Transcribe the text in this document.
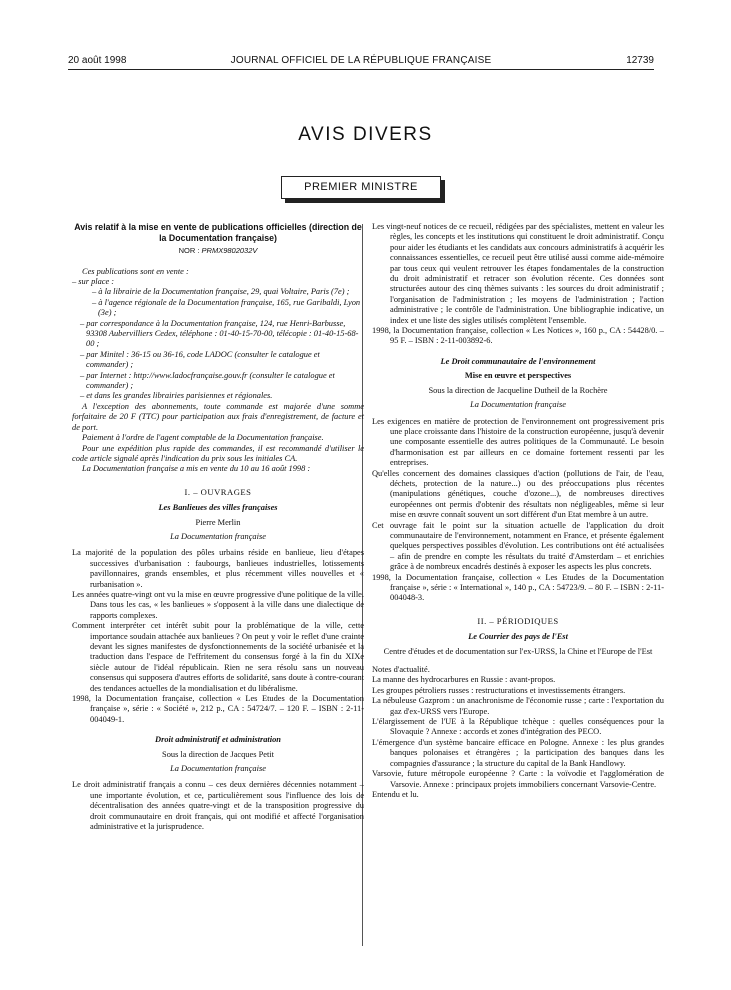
20 août 1998	JOURNAL OFFICIEL DE LA RÉPUBLIQUE FRANÇAISE	12739
AVIS DIVERS
PREMIER MINISTRE
Avis relatif à la mise en vente de publications officielles (direction de la Documentation française)
NOR : PRMX9802032V
Ces publications sont en vente :
– sur place :
– à la librairie de la Documentation française, 29, quai Voltaire, Paris (7e) ;
– à l'agence régionale de la Documentation française, 165, rue Garibaldi, Lyon (3e) ;
– par correspondance à la Documentation française, 124, rue Henri-Barbusse, 93308 Aubervilliers Cedex, téléphone : 01-40-15-70-00, télécopie : 01-40-15-68-00 ;
– par Minitel : 36-15 ou 36-16, code LADOC (consulter le catalogue et commander) ;
– par Internet : http://www.ladocfrançaise.gouv.fr (consulter le catalogue et commander) ;
– et dans les grandes librairies parisiennes et régionales.
A l'exception des abonnements, toute commande est majorée d'une somme forfaitaire de 20 F (TTC) pour participation aux frais d'enregistrement, de facture et de port.
Paiement à l'ordre de l'agent comptable de la Documentation française.
Pour une expédition plus rapide des commandes, il est recommandé d'utiliser le code article signalé après l'indication du prix sous les initiales CA.
La Documentation française a mis en vente du 10 au 16 août 1998 :
I. – OUVRAGES
Les Banlieues des villes françaises
Pierre Merlin
La Documentation française
La majorité de la population des pôles urbains réside en banlieue, lieu d'étapes successives d'urbanisation : faubourgs, banlieues industrielles, lotissements pavillonnaires, grands ensembles, et plus récemment villes nouvelles et « rurbanisation ».
Les années quatre-vingt ont vu la mise en œuvre progressive d'une politique de la ville. Dans tous les cas, « les banlieues » s'opposent à la ville dans une dialectique de rapports complexes.
Comment interpréter cet intérêt subit pour la problématique de la ville, cette importance soudain attachée aux banlieues ? On peut y voir le reflet d'une crainte devant les signes manifestes de dysfonctionnements de la société urbanisée et la traduction dans l'espace de l'effritement du consensus forgé à la fin du XIXe siècle autour de l'idéal républicain. Rien ne sera résolu sans un nouveau consensus qui supposera d'autres efforts de solidarité, sans doute à contre-courant des tendances actuelles de la mondialisation et du libéralisme.
1998, la Documentation française, collection « Les Etudes de la Documentation française », série : « Société », 212 p., CA : 54724/7. – 120 F. – ISBN : 2-11-004049-1.
Droit administratif et administration
Sous la direction de Jacques Petit
La Documentation française
Le droit administratif français a connu – ces deux dernières décennies notamment – une importante évolution, et ce, particulièrement sous l'influence des lois de décentralisation des années quatre-vingt et de la transposition progressive du droit communautaire en droit français, qui ont modifié et affecté l'organisation administrative et la jurisprudence.
Les vingt-neuf notices de ce recueil, rédigées par des spécialistes, mettent en valeur les règles, les concepts et les institutions qui constituent le droit administratif. Conçu pour aider les étudiants et les candidats aux concours administratifs à acquérir les connaissances essentielles, ce recueil peut être utilisé aussi comme aide-mémoire par tous ceux qui veulent retrouver les étapes fondamentales de la construction du droit administratif et retracer son évolution récente. Ces données sont structurées autour des cinq thèmes suivants : les sources du droit administratif ; l'organisation de l'administration ; les moyens de l'administration ; l'action administrative ; le contrôle de l'administration. Une bibliographie indicative, un index et une liste des sigles utilisés complètent l'ensemble.
1998, la Documentation française, collection « Les Notices », 160 p., CA : 54428/0. – 95 F. – ISBN : 2-11-003892-6.
Le Droit communautaire de l'environnement
Mise en œuvre et perspectives
Sous la direction de Jacqueline Dutheil de la Rochère
La Documentation française
Les exigences en matière de protection de l'environnement ont progressivement pris une place croissante dans l'histoire de la construction européenne, jusqu'à devenir une composante essentielle des autres politiques de la Communauté. Le besoin d'harmonisation est par ailleurs en ce domaine fortement ressenti par les entreprises.
Qu'elles concernent des domaines classiques d'action (pollutions de l'air, de l'eau, déchets, protection de la nature...) ou des préoccupations plus récentes (manipulations génétiques, couche d'ozone...), de nombreuses directives européennes ont permis d'obtenir des résultats non négligeables, même si leur mise en œuvre connaît souvent un sort différent d'un Etat membre à un autre.
Cet ouvrage fait le point sur la situation actuelle de l'application du droit communautaire de l'environnement, notamment en France, et présente également quelques perspectives possibles d'évolution. Les contributions ont été actualisées – afin de prendre en compte les résultats du traité d'Amsterdam – et enrichies grâce à de nombreux encadrés destinés à exposer les aspects les plus concrets.
1998, la Documentation française, collection « Les Etudes de la Documentation française », série : « International », 140 p., CA : 54723/9. – 80 F. – ISBN : 2-11-004048-3.
II. – PÉRIODIQUES
Le Courrier des pays de l'Est
Centre d'études et de documentation sur l'ex-URSS, la Chine et l'Europe de l'Est
Notes d'actualité.
La manne des hydrocarbures en Russie : avant-propos.
Les groupes pétroliers russes : restructurations et investissements étrangers.
La nébuleuse Gazprom : un anachronisme de l'économie russe ; carte : l'exportation du gaz d'ex-URSS vers l'Europe.
L'élargissement de l'UE à la République tchèque : quelles conséquences pour la Slovaquie ? Annexe : accords et zones d'intégration des PECO.
L'émergence d'un système bancaire efficace en Pologne. Annexe : les plus grandes banques polonaises et étrangères ; la participation des banques dans les compagnies d'assurance ; la structure du capital de la Bank Handlowy.
Varsovie, future métropole européenne ? Carte : la voïvodie et l'agglomération de Varsovie. Annexe : principaux projets immobiliers concernant Varsovie-Centre.
Entendu et lu.
